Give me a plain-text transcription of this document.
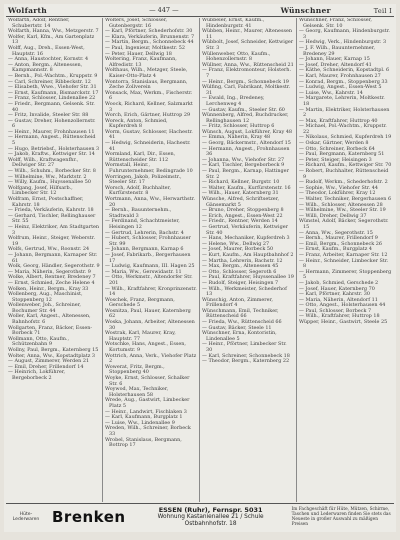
Wolfarth	— 447 —	Wünschner	Teil I
Wolfarth, Adolf, Rentner, Schubertstr. 14
Wolfarth, Hanna, Ww., Metzgerstr. 7
Wolfer, Karl, Kfm., Am Gartenplatz 13
Wolff, Aug., Dreh., Essen-West, Hauptstr. 16
— Anna, Haustochter, Kornstr. 4
— Anton, Bergm., Altenessen, Kampmannstr. 8
— Bernh., Pol.-Wachtm., Kruppstr. 9
— Carl, Schreiner, Ribbeckstr. 12
— Elisabeth, Wwe., Viehofer Str. 31
— Ernst, Kaufmann, Bismarckstr. 17
— Franz, Schlosser, Lindenallee 22
— Friedr., Bergmann, Gelsenk. Str. 40
— Fritz, Invalide, Steeler Str. 88
— Gustav, Dreher, Hohenzollernstr. 6
— Heinr., Maurer, Frohnhausen 11
— Hermann, Angest., Rüttenscheid 5
— Hugo, Betriebsf., Holsterhausen 3
— Jakob, Kraftw., Kettwiger Str. 14
Wolff, Wilh., Kraftwagenfhr., Dellwiger Str. 27
— Wilh., Schuhm., Borbecker Str. 8
— Wilhelmine, Ww., Marktstr. 2
— Willy, Kaufm., Huyssenallee 50
Wolfgang, Josef, Hilfsarb., Limbecker Str. 12
Wolfram, Ernst, Postschaffner, Kahrstr. 18
— Frieda, Verkäuferin, Kahrstr. 18
— Gerhard, Tischler, Rellinghauser Str. 55
— Heinz, Elektriker, Am Stadtgarten 3
Wolfrum, Heinr., Steiger, Weberstr. 19
Wolfs, Gertrud, Ww., Roonstr. 24
— Johann, Bergmann, Karnaper Str. 61
Wolk, Georg, Händler, Segerothstr. 9
— Maria, Näherin, Segerothstr. 9
Wolke, Albert, Rentner, Bredeney 7
— Ernst, Schmied, Zeche Helene 4
Wolken, Heinr., Bergm., Kray 33
Wollenberg, Aug., Maschinist, Stoppenberg 12
Wollenweber, Joh., Schreiner, Bochumer Str. 44
Woller, Karl, Angest., Altenessen, Bahnhofstr. 6
Wollgarten, Franz, Bäcker, Essen-Borbeck 71
Wollmann, Otto, Kaufm., Schützenbahn 9
Wollny, Paul, Bergm., Katernberg 15
Wolter, Anna, Ww., Kopstadtplatz 3
— August, Zimmerer, Werden 21
— Emil, Dreher, Frillendorf 14
— Heinrich, Lokführer, Bergeborbeck 2
Wolters, Josef, Schlosser, Gutenbergstr. 16
— Karl, Pförtner, Schederhofstr. 30
— Klara, Verkäuferin, Brunnenstr. 7
— Martin, Bergm., Schonnebeck 44
— Paul, Ingenieur, Moltkestr. 52
— Peter, Hauer, Dellwig 18
Woltering, Franz, Kaufmann, Alfredistr. 13
Wolthaus, Wilh., Metzger, Steele, Kaiser-Otto-Platz 4
Wontorra, Stanislaus, Bergmann, Zeche Zollverein
Wonsack, Max, Werkm., Fischerstr. 6
Woock, Richard, Kellner, Salzmarkt 3
Worch, Erich, Gärtner, Huttrop 29
Woreck, Anton, Schmied, Kupferdreh 8
Worm, Gustav, Schlosser, Hachestr. 41
— Hedwig, Schneiderin, Hachestr. 41
Wormland, Karl, Dir., Essen, Rüttenscheider Str. 112
Wormstall, Heinr., Fuhrunternehmer, Bedingrade 10
Worringen, Jakob, Polizeimstr., Steeler Str. 17
Worsch, Adolf, Buchhalter, Kurfürstenstr. 8
Wortmann, Anna, Ww., Herwarthstr. 20
— Bernh., Bauunternehm., Stadtwald 3
— Ferdinand, Schachtmeister, Heisingen 12
— Gertrud, Lehrerin, Bachstr. 4
— Hubert, Schlosser, Frohnhauser Str. 99
— Johann, Bergmann, Karnap 6
— Josef, Fabrikarb., Bergerhausen 17
— Ludwig, Kaufmann, III. Hagen 25
— Maria, Ww., Gerswidastr. 11
— Otto, Werkmstr., Altendorfer Str. 201
— Wilh., Kraftfahrer, Kronprinzenstr. 14
Woschek, Franz, Bergmann, Gerschede 5
Wosnitza, Paul, Hauer, Katernberg 62
Woska, Johann, Arbeiter, Altenessen 30
Wostrak, Karl, Maurer, Kray, Hauptstr. 77
Wotschke, Hans, Angest., Essen, Kortumstr. 9
Wottrich, Anna, Verk., Viehofer Platz 2
Wowerat, Fritz, Bergm., Stoppenberg 40
Woyke, Ernst, Schlosser, Schalker Str. 6
Woywod, Max, Techniker, Holsterhausen 58
Wrede, Aug., Gastwirt, Limbecker Platz 5
— Heinr., Landwirt, Fischlaken 3
— Karl, Kaufmann, Burgplatz 1
— Luise, Ww., Lindenallee 9
Wreden, Wilh., Schreiner, Borbeck 33
Wrobel, Stanislaus, Bergmann, Bottrop 17
Wübbeler, Ernst, Kaufm., Hindenburgstr. 41
Wübben, Heinr., Maurer, Altenessen 11
Wübbolt, Josef, Schneider, Kettwiger Str. 3
Wüllenweber, Otto, Kaufm., Hohenzollernstr. 8
Wüllner, Anna, Ww., Rüttenscheid 21
— Franz, Elektromonteur, Holsterh. 7
— Heinr., Bergm., Schonnebeck 19
Wülfing, Carl, Fabrikant, Moltkestr. 31
— Ewald, Ing., Bredeney, Lerchenweg 4
— Gustav, Kaufm., Steeler Str. 60
Wünnenberg, Alfred, Buchdrucker, Rellinghausen 12
— Fritz, Schlosser, Huttrop 6
Wünsch, August, Lokführer, Kray 48
— Emma, Näherin, Kray 48
— Georg, Bäckermstr., Altendorf 15
— Hermann, Angest., Frohnhausen 36
— Johanna, Ww., Viehofer Str. 27
— Karl, Tischler, Bergeborbeck 9
— Paul, Bergm., Karnap, Hattinger Str. 2
— Richard, Kellner, Burgstr. 10
— Walter, Kaufm., Kurfürstenstr. 16
— Wilh., Hauer, Katernberg 31
Wünsche, Alfred, Schriftsetzer, Gänsemarkt 5
— Bruno, Dreher, Stoppenberg 8
— Erich, Angest., Essen-West 22
— Friedr., Rentner, Werden 14
— Gertrud, Verkäuferin, Kettwiger Str. 40
— Hans, Mechaniker, Kupferdreh 3
— Helene, Ww., Dellwig 27
— Josef, Maurer, Borbeck 50
— Kurt, Kaufm., Am Hauptbahnhof 2
— Martha, Lehrerin, Bachstr. 12
— Max, Bergm., Altenessen 45
— Otto, Schlosser, Segeroth 6
— Paul, Kraftfahrer, Huyssenallee 19
— Rudolf, Steiger, Heisingen 7
— Wilh., Werkmeister, Schederhof 13
Wünschig, Anton, Zimmerer, Frillendorf 4
Wünschmann, Emil, Techniker, Rüttenscheid 66
— Frieda, Ww., Rüttenscheid 66
— Gustav, Bäcker, Steele 11
Wünschner, Erna, Kontoristin, Lindenallee 5
— Heinr., Pförtner, Limbecker Str. 30
— Karl, Schreiner, Schonnebeck 18
— Theodor, Bergm., Katernberg 22
Wünschner, Franz, Schlosser, Gelsenk. Str. 10
— Georg, Kaufmann, Hindenburgstr. 3
— Hedwig, Verk., Hindenburgstr. 3
— J. F. Wilh., Bauunternehmer, Bredeney 29
— Johann, Hauer, Karnap 15
— Josef, Dreher, Altendorf 41
— Käthe, Schneiderin, Kopstadtpl. 6
— Karl, Maurer, Frohnhausen 27
— Konrad, Bergm., Stoppenberg 33
— Ludwig, Angest., Essen-West 5
— Luise, Ww., Kahrstr. 14
— Margarete, Lehrerin, Moltkestr. 18
— Martin, Elektriker, Holsterhausen 2
— Max, Kraftfahrer, Huttrop 40
— Michael, Pol.-Wachtm., Kruppstr. 22
— Nikolaus, Schmied, Kupferdreh 19
— Oskar, Gärtner, Werden 8
— Otto, Schreiner, Borbeck 64
— Paul, Bergmann, Katernberg 51
— Peter, Steiger, Heisingen 3
— Richard, Kaufm., Kettwiger Str. 70
— Robert, Buchhalter, Rüttenscheid 9
— Rudolf, Werkm., Schederhofstr. 2
— Sophie, Ww., Viehofer Str. 44
— Theodor, Lokführer, Kray 12
— Walter, Techniker, Bergerhausen 6
— Wilh., Schlosser, Altenessen 28
— Wilhelmine, Ww., Steeler Str. 19
— Willi, Dreher, Dellwig 37
Wünstel, Adolf, Bäcker, Segerothstr. 15
— Anna, Ww., Segerothstr. 15
— Bernh., Maurer, Frillendorf 9
— Emil, Bergm., Schonnebeck 26
— Ernst, Kaufm., Burgplatz 4
— Franz, Arbeiter, Karnaper Str. 12
— Heinr., Schneider, Limbecker Str. 8
— Hermann, Zimmerer, Stoppenberg 5
— Jakob, Schmied, Gerschede 2
— Josef, Hauer, Katernberg 70
— Karl, Pförtner, Kahrstr. 30
— Maria, Näherin, Altendorf 11
— Otto, Angest., Holsterhausen 44
— Paul, Schlosser, Borbeck 7
— Wilh., Kraftfahrer, Huttrop 18
Wüpper, Heinr., Gastwirt, Steele 25
Hüte-
Lederwaren Brenken	ESSEN (Ruhr), Fernspr. 5031
Wohnung Kastanienallee 21 / Schule Ostbahnhofstr. 18
Im Fachgeschäft für Hüte, Mützen, Schirme, Taschen und Lederwaren finden Sie stets das Neueste in großer Auswahl zu mäßigen Preisen
